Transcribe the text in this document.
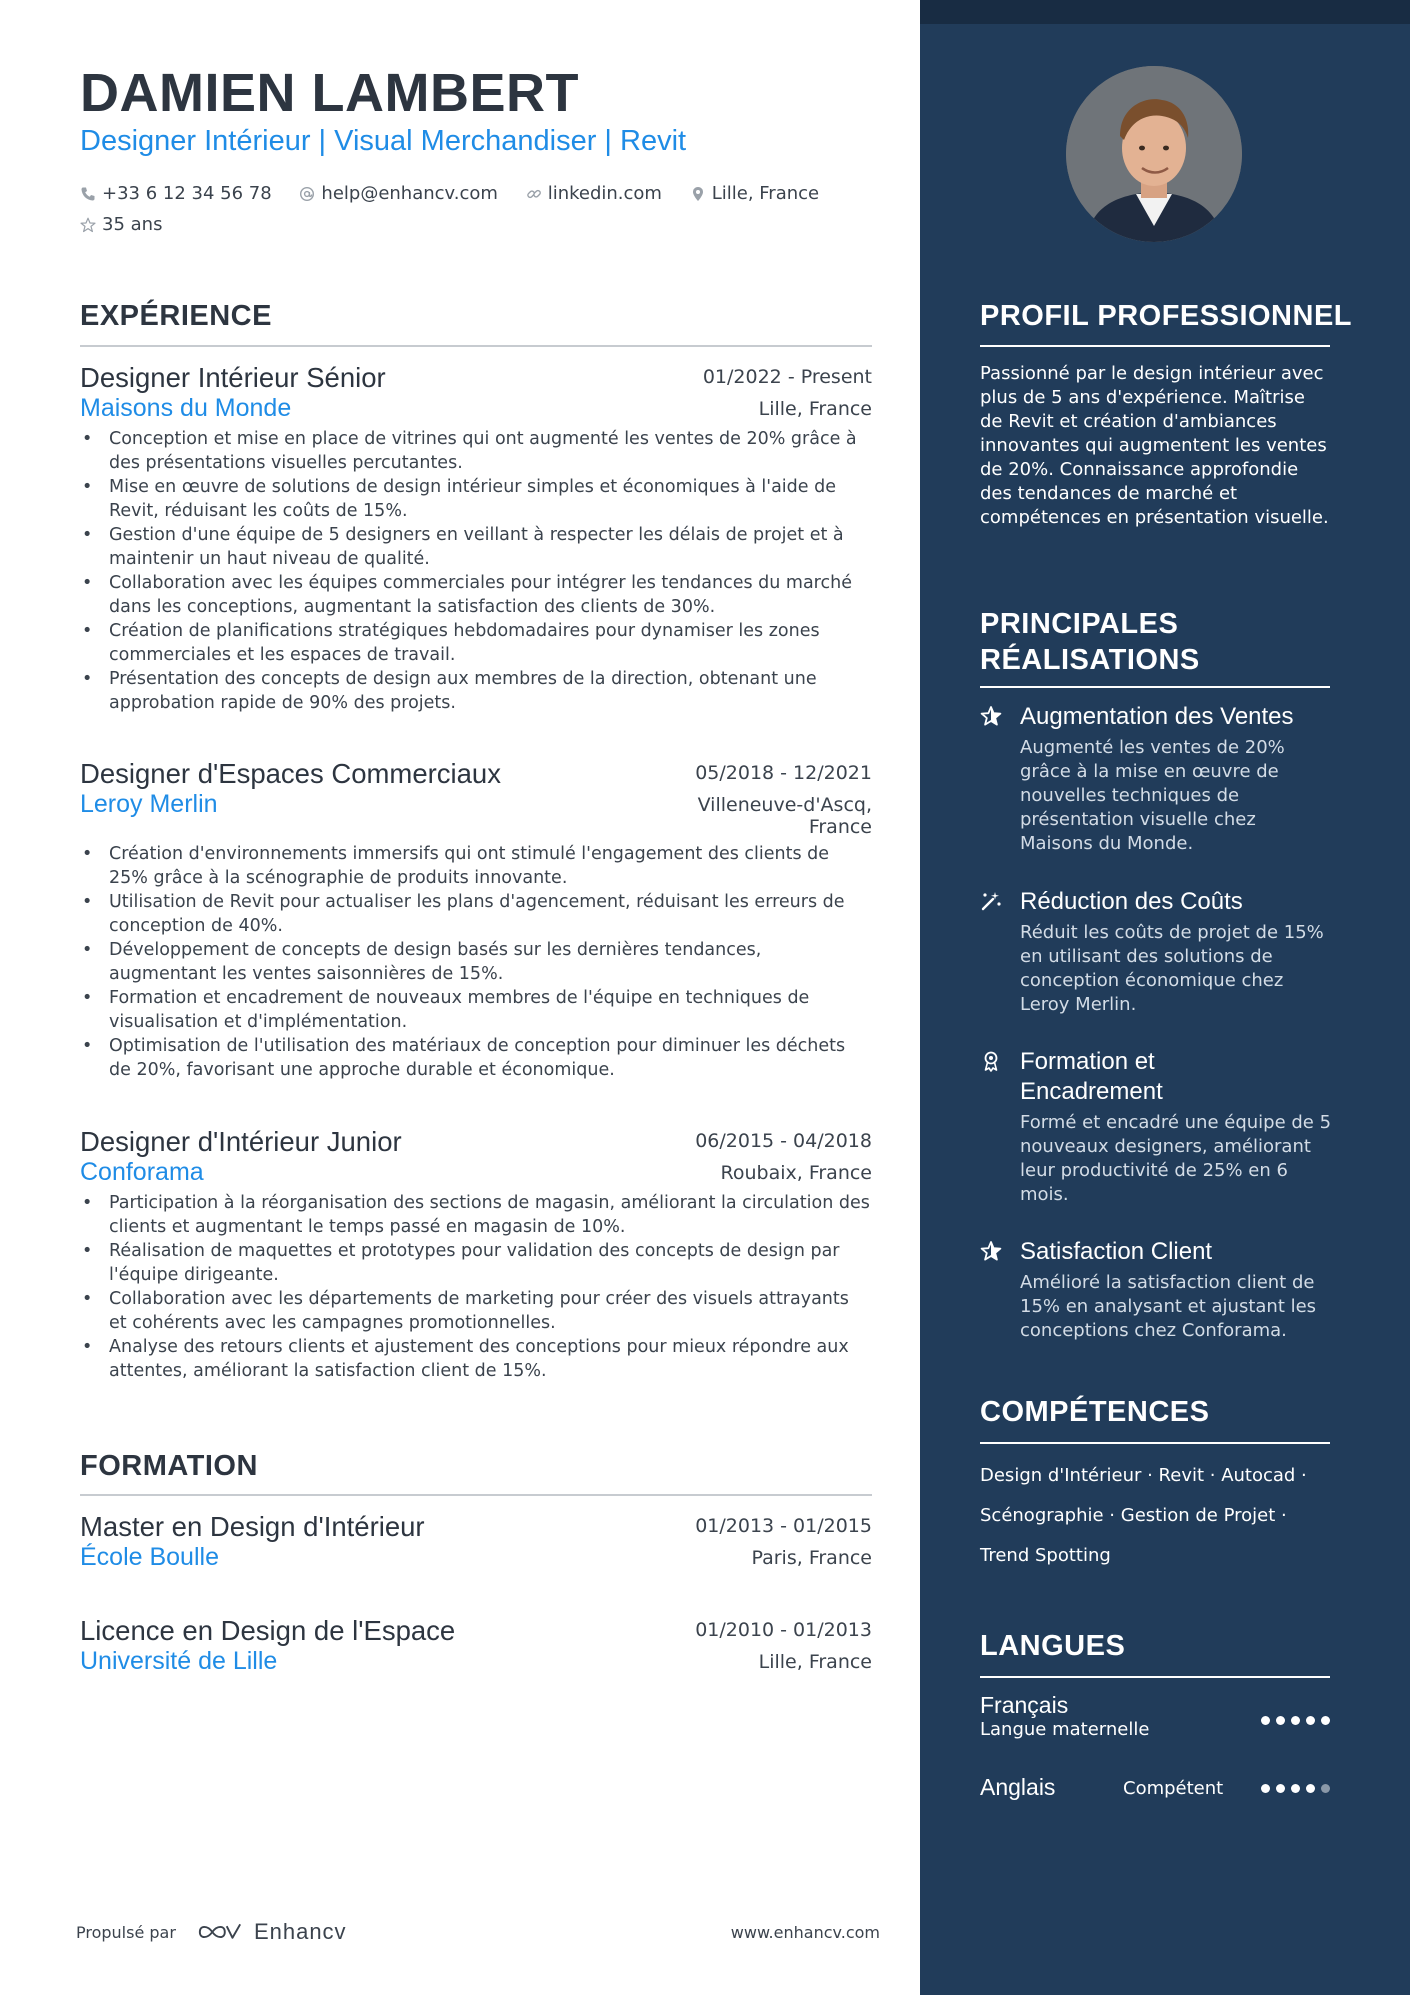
DAMIEN LAMBERT
Designer Intérieur | Visual Merchandiser | Revit
+33 6 12 34 56 78
	help@enhancv.com
	linkedin.com
	Lille, France

35 ans
EXPÉRIENCE
Designer Intérieur Sénior	01/2022 - Present
Maisons du Monde	Lille, France
• Conception et mise en place de vitrines qui ont augmenté les ventes de 20% grâce à des présentations visuelles percutantes.
• Mise en œuvre de solutions de design intérieur simples et économiques à l'aide de Revit, réduisant les coûts de 15%.
• Gestion d'une équipe de 5 designers en veillant à respecter les délais de projet et à maintenir un haut niveau de qualité.
• Collaboration avec les équipes commerciales pour intégrer les tendances du marché dans les conceptions, augmentant la satisfaction des clients de 30%.
• Création de planifications stratégiques hebdomadaires pour dynamiser les zones commerciales et les espaces de travail.
• Présentation des concepts de design aux membres de la direction, obtenant une approbation rapide de 90% des projets.
Designer d'Espaces Commerciaux	05/2018 - 12/2021
Leroy Merlin	Villeneuve-d'Ascq,
France
• Création d'environnements immersifs qui ont stimulé l'engagement des clients de 25% grâce à la scénographie de produits innovante.
• Utilisation de Revit pour actualiser les plans d'agencement, réduisant les erreurs de conception de 40%.
• Développement de concepts de design basés sur les dernières tendances, augmentant les ventes saisonnières de 15%.
• Formation et encadrement de nouveaux membres de l'équipe en techniques de visualisation et d'implémentation.
• Optimisation de l'utilisation des matériaux de conception pour diminuer les déchets de 20%, favorisant une approche durable et économique.
Designer d'Intérieur Junior	06/2015 - 04/2018
Conforama	Roubaix, France
• Participation à la réorganisation des sections de magasin, améliorant la circulation des clients et augmentant le temps passé en magasin de 10%.
• Réalisation de maquettes et prototypes pour validation des concepts de design par l'équipe dirigeante.
• Collaboration avec les départements de marketing pour créer des visuels attrayants et cohérents avec les campagnes promotionnelles.
• Analyse des retours clients et ajustement des conceptions pour mieux répondre aux attentes, améliorant la satisfaction client de 15%.
FORMATION
Master en Design d'Intérieur	01/2013 - 01/2015
École Boulle	Paris, France
Licence en Design de l'Espace	01/2010 - 01/2013
Université de Lille	Lille, France
Propulsé par	Enhancv	www.enhancv.com
PROFIL PROFESSIONNEL
Passionné par le design intérieur avec plus de 5 ans d'expérience. Maîtrise de Revit et création d'ambiances innovantes qui augmentent les ventes de 20%. Connaissance approfondie des tendances de marché et compétences en présentation visuelle.
PRINCIPALES
RÉALISATIONS
Augmentation des Ventes
Augmenté les ventes de 20% grâce à la mise en œuvre de nouvelles techniques de présentation visuelle chez Maisons du Monde.
Réduction des Coûts
Réduit les coûts de projet de 15% en utilisant des solutions de conception économique chez Leroy Merlin.
Formation et
Encadrement
Formé et encadré une équipe de 5 nouveaux designers, améliorant leur productivité de 25% en 6 mois.
Satisfaction Client
Amélioré la satisfaction client de 15% en analysant et ajustant les conceptions chez Conforama.
COMPÉTENCES
Design d'Intérieur · Revit · Autocad ·
Scénographie · Gestion de Projet ·
Trend Spotting
LANGUES
Français
Langue maternelle
Anglais	Compétent
